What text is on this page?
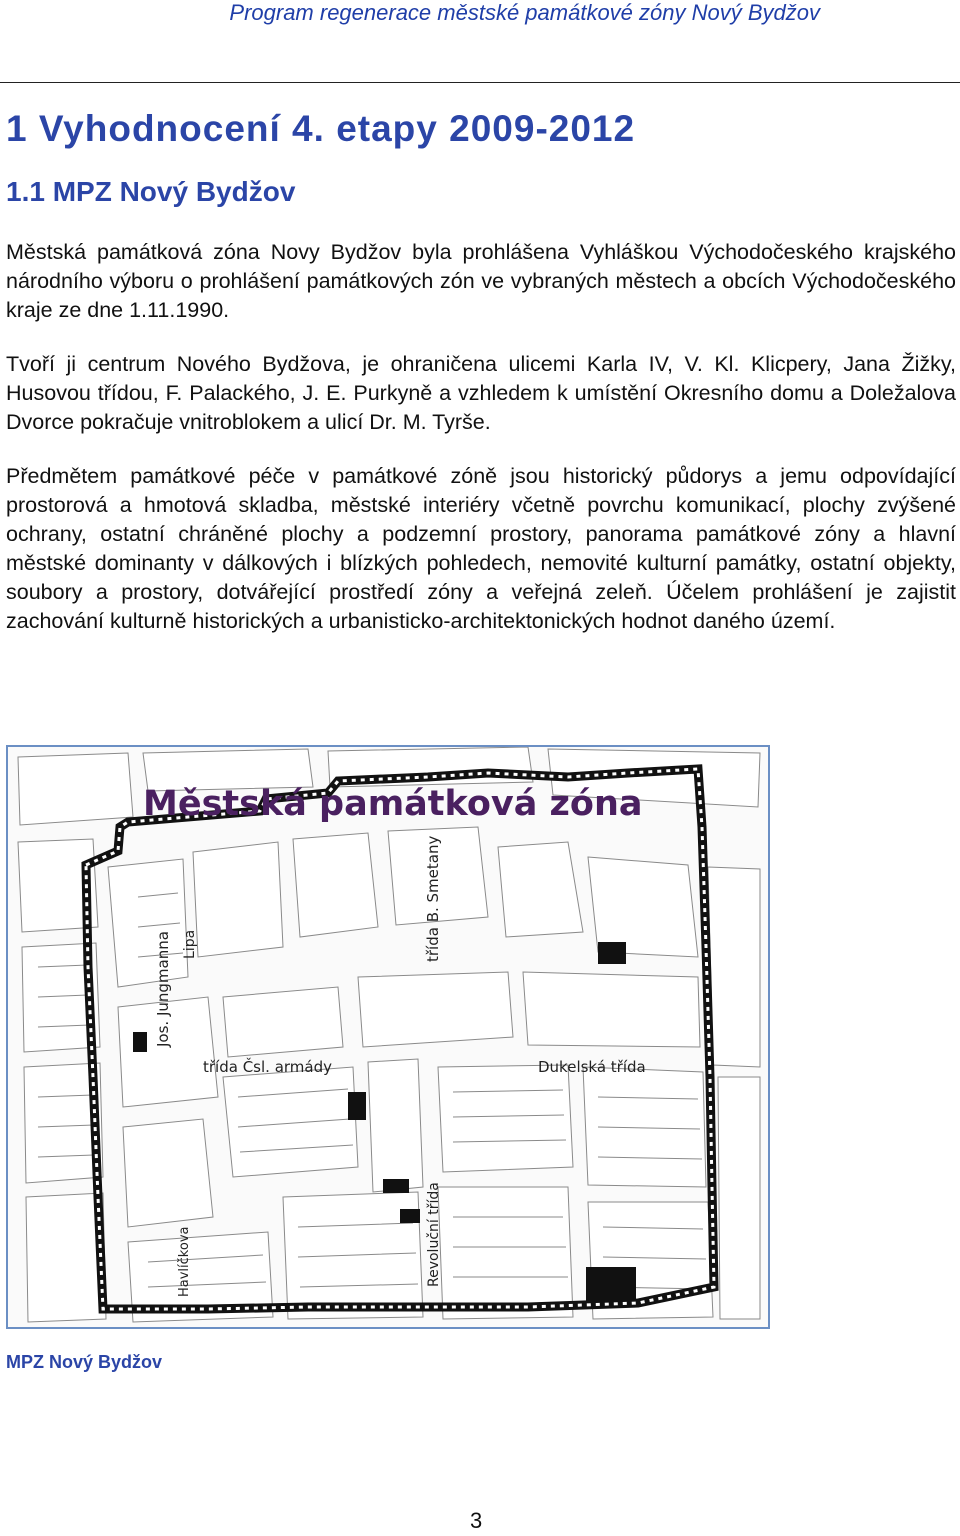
Program regenerace městské památkové zóny Nový Bydžov
1 Vyhodnocení 4. etapy 2009-2012
1.1 MPZ Nový Bydžov

Městská památková zóna Novy Bydžov byla prohlášena Vyhláškou Východočeského krajského národního výboru o prohlášení památkových zón ve vybraných městech a obcích Východočeského kraje ze dne 1.11.1990.

Tvoří ji centrum Nového Bydžova, je ohraničena ulicemi Karla IV, V. Kl. Klicpery, Jana Žižky, Husovou třídou, F. Palackého, J. E. Purkyně a vzhledem k umístění Okresního domu a Doležalova Dvorce pokračuje vnitroblokem a ulicí Dr. M. Tyrše.

Předmětem památkové péče v památkové zóně jsou historický půdorys a jemu odpovídající prostorová a hmotová skladba, městské interiéry včetně povrchu komunikací, plochy zvýšené ochrany, ostatní chráněné plochy a podzemní prostory, panorama památkové zóny a hlavní městské dominanty v dálkových i blízkých pohledech, nemovité kulturní památky, ostatní objekty, soubory a prostory, dotvářející prostředí zóny a veřejná zeleň. Účelem prohlášení je zajistit zachování kulturně historických a urbanisticko-architektonických hodnot daného území.

Městská památková zóna
Jos. Jungmanna Lipa	třída B. Smetany
třída Čsl. armády	Dukelská třída
Havlíčkova	Revoluční třída
MPZ Nový Bydžov
3
